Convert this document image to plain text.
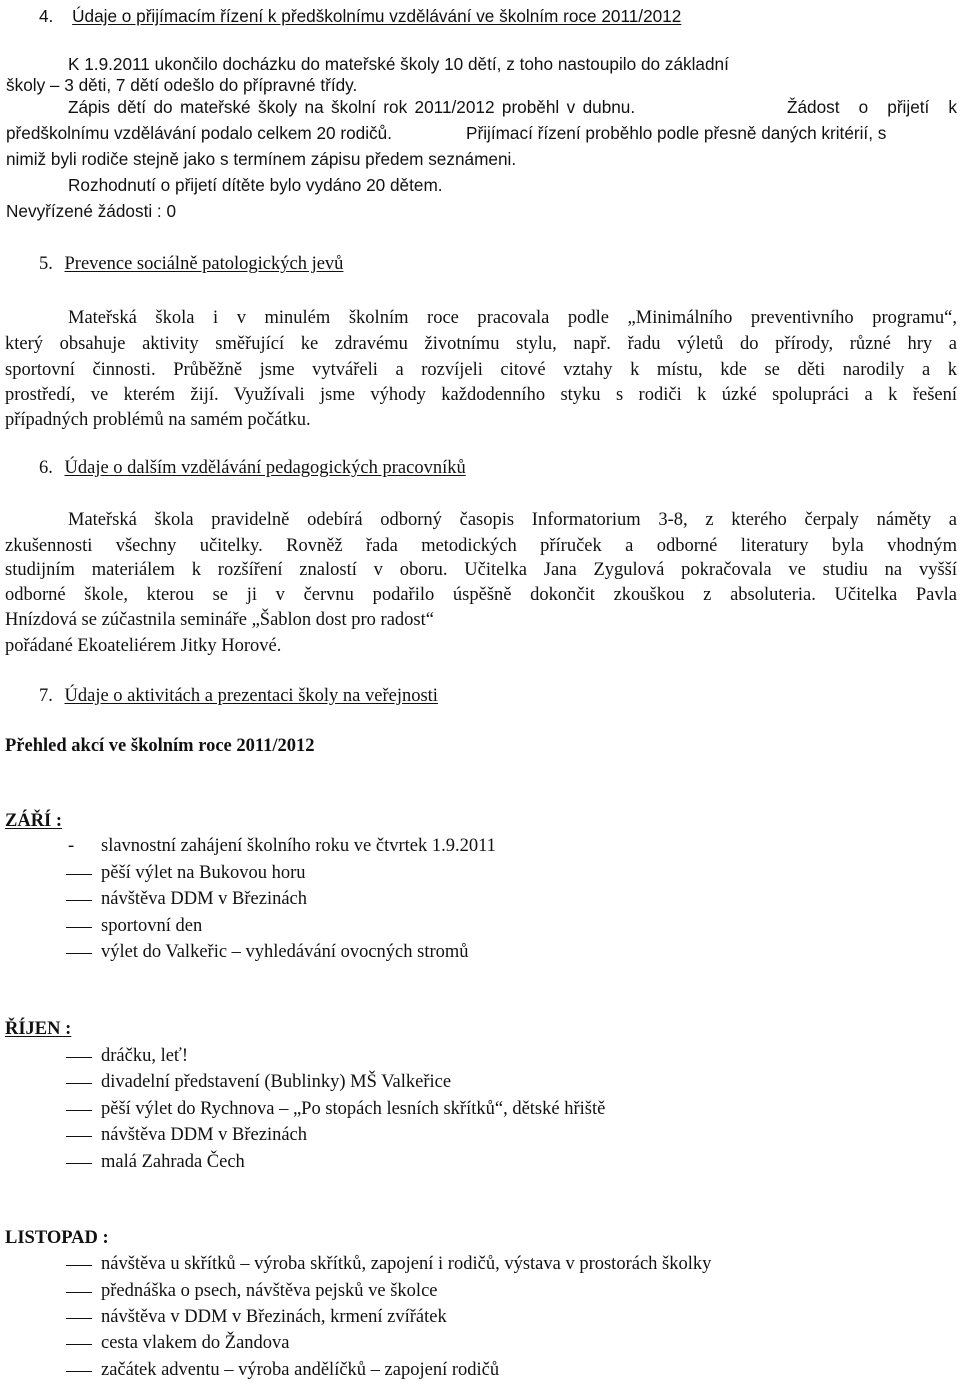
4. Údaje o přijímacím řízení k předškolnímu vzdělávání ve školním roce 2011/2012
K 1.9.2011 ukončilo docházku do mateřské školy 10 dětí, z toho nastoupilo do základní
školy – 3 děti, 7 dětí odešlo do přípravné třídy.
Zápis dětí do mateřské školy na školní rok 2011/2012 proběhl v dubnu.	Žádost o přijetí k
předškolnímu vzdělávání podalo celkem 20 rodičů.	Přijímací řízení proběhlo podle přesně daných kritérií, s
nimiž byli rodiče stejně jako s termínem zápisu předem seznámeni.
Rozhodnutí o přijetí dítěte bylo vydáno 20 dětem.
Nevyřízené žádosti : 0
5. Prevence sociálně patologických jevů
Mateřská škola i v minulém školním roce pracovala podle „Minimálního preventivního programu“,
který obsahuje aktivity směřující ke zdravému životnímu stylu, např. řadu výletů do přírody, různé hry a
sportovní činnosti. Průběžně jsme vytvářeli a rozvíjeli citové vztahy k místu, kde se děti narodily a k
prostředí, ve kterém žijí. Využívali jsme výhody každodenního styku s rodiči k úzké spolupráci a k řešení
případných problémů na samém počátku.
6. Údaje o dalším vzdělávání pedagogických pracovníků
Mateřská škola pravidelně odebírá odborný časopis Informatorium 3-8, z kterého čerpaly náměty a
zkušennosti všechny učitelky. Rovněž řada metodických příruček a odborné literatury byla vhodným
studijním materiálem k rozšíření znalostí v oboru. Učitelka Jana Zygulová pokračovala ve studiu na vyšší
odborné škole, kterou se ji v červnu podařilo úspěšně dokončit zkouškou z absoluteria. Učitelka Pavla
Hnízdová se zúčastnila semináře „Šablon dost pro radost“
pořádané Ekoateliérem Jitky Horové.
7. Údaje o aktivitách a prezentaci školy na veřejnosti
Přehled akcí ve školním roce 2011/2012
ZÁŘÍ :
- slavnostní zahájení školního roku ve čtvrtek 1.9.2011
pěší výlet na Bukovou horu
návštěva DDM v Březinách
sportovní den
výlet do Valkeřic – vyhledávání ovocných stromů
ŘÍJEN :
dráčku, leť!
divadelní představení (Bublinky) MŠ Valkeřice
pěší výlet do Rychnova – „Po stopách lesních skřítků“, dětské hřiště
návštěva DDM v Březinách
malá Zahrada Čech
LISTOPAD :
návštěva u skřítků – výroba skřítků, zapojení i rodičů, výstava v prostorách školky
přednáška o psech, návštěva pejsků ve školce
návštěva v DDM v Březinách, krmení zvířátek
cesta vlakem do Žandova
začátek adventu – výroba andělíčků – zapojení rodičů
